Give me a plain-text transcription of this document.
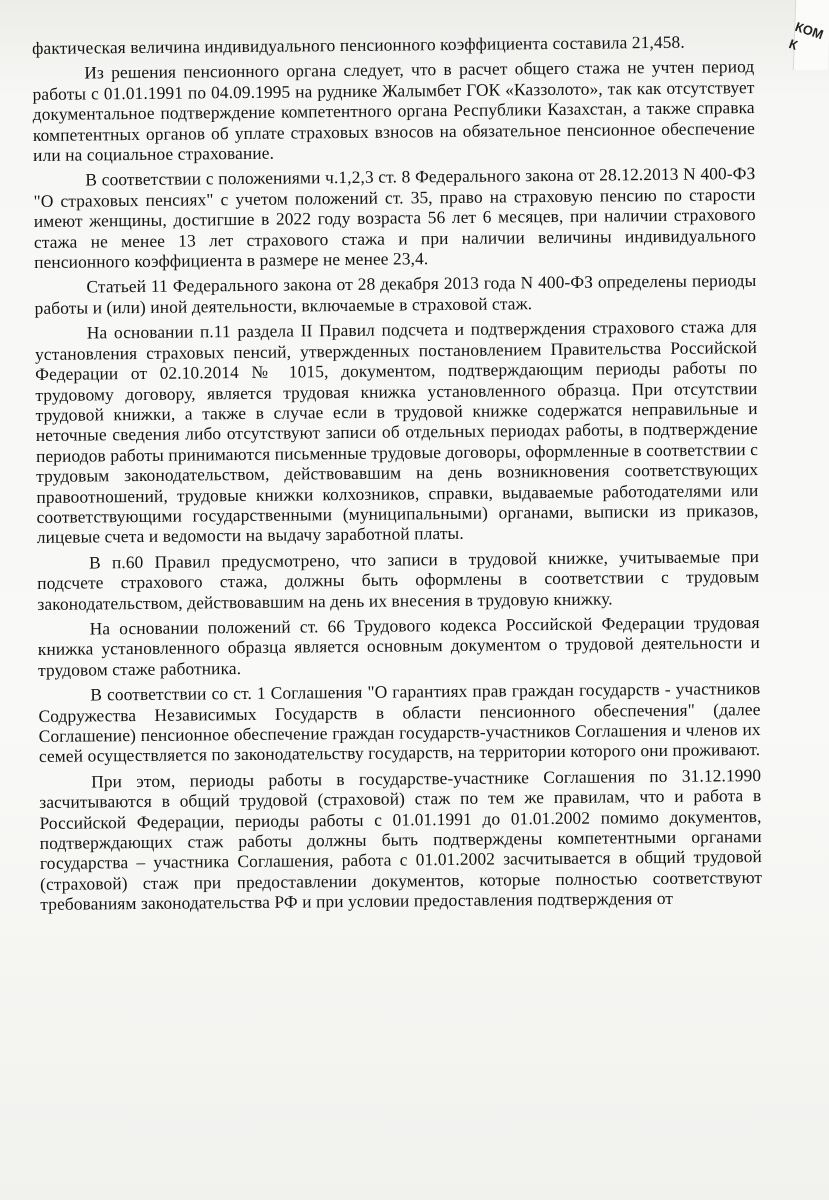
КОМ
К

фактическая величина индивидуального пенсионного коэффициента составила 21,458.

Из решения пенсионного органа следует, что в расчет общего стажа не учтен период работы с 01.01.1991 по 04.09.1995 на руднике Жалымбет ГОК «Каззолото», так как отсутствует документальное подтверждение компетентного органа Республики Казахстан, а также справка компетентных органов об уплате страховых взносов на обязательное пенсионное обеспечение или на социальное страхование.

В соответствии с положениями ч.1,2,3 ст. 8 Федерального закона от 28.12.2013 N 400-ФЗ "О страховых пенсиях" с учетом положений ст. 35, право на страховую пенсию по старости имеют женщины, достигшие в 2022 году возраста 56 лет 6 месяцев, при наличии страхового стажа не менее 13 лет страхового стажа и при наличии величины индивидуального пенсионного коэффициента в размере не менее 23,4.

Статьей 11 Федерального закона от 28 декабря 2013 года N 400-ФЗ определены периоды работы и (или) иной деятельности, включаемые в страховой стаж.

На основании п.11 раздела II Правил подсчета и подтверждения страхового стажа для установления страховых пенсий, утвержденных постановлением Правительства Российской Федерации от 02.10.2014 № 1015, документом, подтверждающим периоды работы по трудовому договору, является трудовая книжка установленного образца. При отсутствии трудовой книжки, а также в случае если в трудовой книжке содержатся неправильные и неточные сведения либо отсутствуют записи об отдельных периодах работы, в подтверждение периодов работы принимаются письменные трудовые договоры, оформленные в соответствии с трудовым законодательством, действовавшим на день возникновения соответствующих правоотношений, трудовые книжки колхозников, справки, выдаваемые работодателями или соответствующими государственными (муниципальными) органами, выписки из приказов, лицевые счета и ведомости на выдачу заработной платы.

В п.60 Правил предусмотрено, что записи в трудовой книжке, учитываемые при подсчете страхового стажа, должны быть оформлены в соответствии с трудовым законодательством, действовавшим на день их внесения в трудовую книжку.

На основании положений ст. 66 Трудового кодекса Российской Федерации трудовая книжка установленного образца является основным документом о трудовой деятельности и трудовом стаже работника.

В соответствии со ст. 1 Соглашения "О гарантиях прав граждан государств - участников Содружества Независимых Государств в области пенсионного обеспечения" (далее Соглашение) пенсионное обеспечение граждан государств-участников Соглашения и членов их семей осуществляется по законодательству государств, на территории которого они проживают.

При этом, периоды работы в государстве-участнике Соглашения по 31.12.1990 засчитываются в общий трудовой (страховой) стаж по тем же правилам, что и работа в Российской Федерации, периоды работы с 01.01.1991 до 01.01.2002 помимо документов, подтверждающих стаж работы должны быть подтверждены компетентными органами государства – участника Соглашения, работа с 01.01.2002 засчитывается в общий трудовой (страховой) стаж при предоставлении документов, которые полностью соответствуют требованиям законодательства РФ и при условии предоставления подтверждения от
